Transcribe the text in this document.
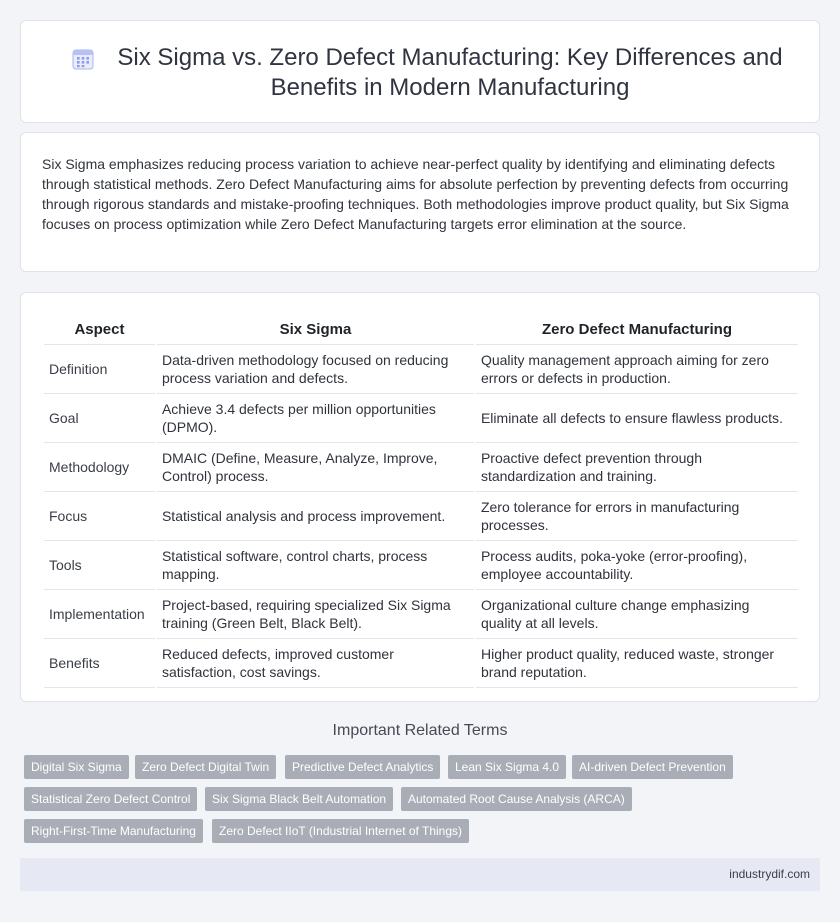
Six Sigma vs. Zero Defect Manufacturing: Key Differences and Benefits in Modern Manufacturing

Six Sigma emphasizes reducing process variation to achieve near-perfect quality by identifying and eliminating defects through statistical methods. Zero Defect Manufacturing aims for absolute perfection by preventing defects from occurring through rigorous standards and mistake-proofing techniques. Both methodologies improve product quality, but Six Sigma focuses on process optimization while Zero Defect Manufacturing targets error elimination at the source.

Aspect	Six Sigma	Zero Defect Manufacturing
Definition	Data-driven methodology focused on reducing process variation and defects.	Quality management approach aiming for zero errors or defects in production.
Goal	Achieve 3.4 defects per million opportunities (DPMO).	Eliminate all defects to ensure flawless products.
Methodology	DMAIC (Define, Measure, Analyze, Improve, Control) process.	Proactive defect prevention through standardization and training.
Focus	Statistical analysis and process improvement.	Zero tolerance for errors in manufacturing processes.
Tools	Statistical software, control charts, process mapping.	Process audits, poka-yoke (error-proofing), employee accountability.
Implementation	Project-based, requiring specialized Six Sigma training (Green Belt, Black Belt).	Organizational culture change emphasizing quality at all levels.
Benefits	Reduced defects, improved customer satisfaction, cost savings.	Higher product quality, reduced waste, stronger brand reputation.
Important Related Terms
Digital Six Sigma	Zero Defect Digital Twin	Predictive Defect Analytics	Lean Six Sigma 4.0	AI-driven Defect Prevention
Statistical Zero Defect Control	Six Sigma Black Belt Automation	Automated Root Cause Analysis (ARCA)
Right-First-Time Manufacturing	Zero Defect IIoT (Industrial Internet of Things)
industrydif.com
